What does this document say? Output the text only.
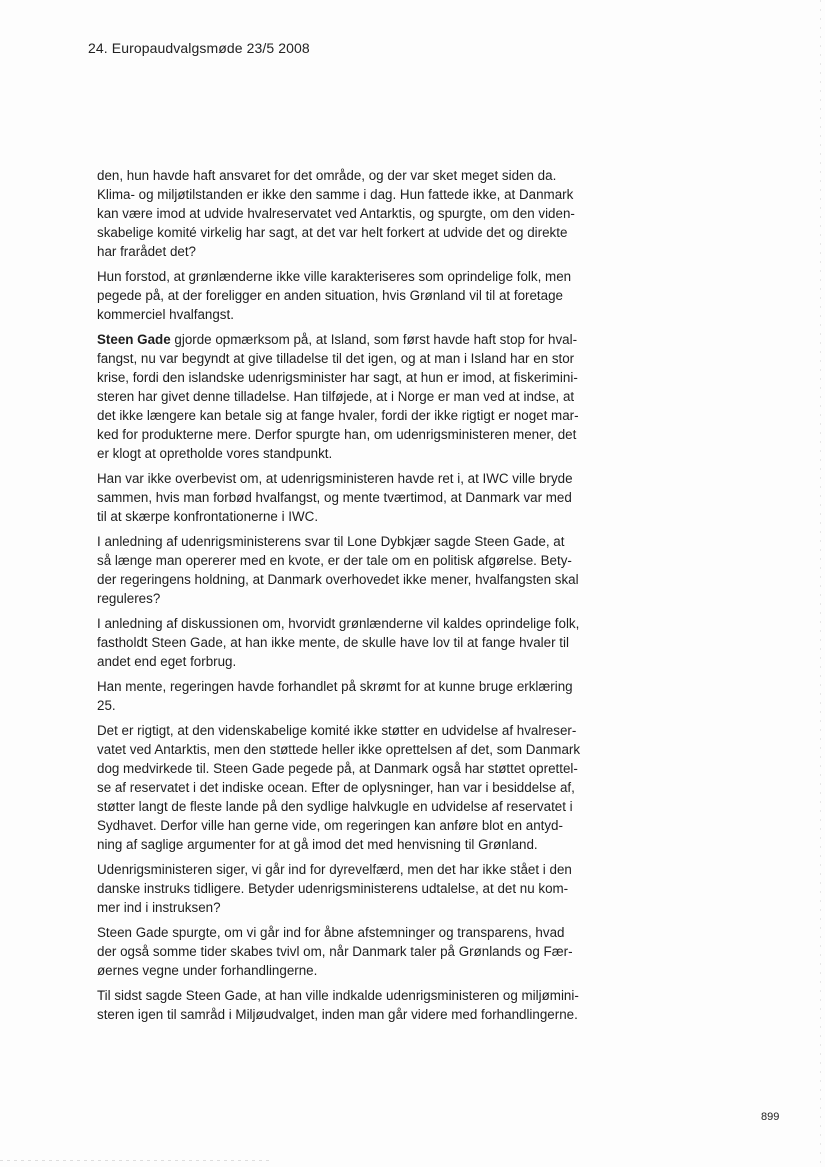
24. Europaudvalgsmøde 23/5 2008

den, hun havde haft ansvaret for det område, og der var sket meget siden da.
Klima- og miljøtilstanden er ikke den samme i dag. Hun fattede ikke, at Danmark
kan være imod at udvide hvalreservatet ved Antarktis, og spurgte, om den viden-
skabelige komité virkelig har sagt, at det var helt forkert at udvide det og direkte
har frarådet det?

Hun forstod, at grønlænderne ikke ville karakteriseres som oprindelige folk, men
pegede på, at der foreligger en anden situation, hvis Grønland vil til at foretage
kommerciel hvalfangst.

Steen Gade gjorde opmærksom på, at Island, som først havde haft stop for hval-
fangst, nu var begyndt at give tilladelse til det igen, og at man i Island har en stor
krise, fordi den islandske udenrigsminister har sagt, at hun er imod, at fiskerimini-
steren har givet denne tilladelse. Han tilføjede, at i Norge er man ved at indse, at
det ikke længere kan betale sig at fange hvaler, fordi der ikke rigtigt er noget mar-
ked for produkterne mere. Derfor spurgte han, om udenrigsministeren mener, det
er klogt at opretholde vores standpunkt.

Han var ikke overbevist om, at udenrigsministeren havde ret i, at IWC ville bryde
sammen, hvis man forbød hvalfangst, og mente tværtimod, at Danmark var med
til at skærpe konfrontationerne i IWC.

I anledning af udenrigsministerens svar til Lone Dybkjær sagde Steen Gade, at
så længe man opererer med en kvote, er der tale om en politisk afgørelse. Bety-
der regeringens holdning, at Danmark overhovedet ikke mener, hvalfangsten skal
reguleres?

I anledning af diskussionen om, hvorvidt grønlænderne vil kaldes oprindelige folk,
fastholdt Steen Gade, at han ikke mente, de skulle have lov til at fange hvaler til
andet end eget forbrug.

Han mente, regeringen havde forhandlet på skrømt for at kunne bruge erklæring
25.

Det er rigtigt, at den videnskabelige komité ikke støtter en udvidelse af hvalreser-
vatet ved Antarktis, men den støttede heller ikke oprettelsen af det, som Danmark
dog medvirkede til. Steen Gade pegede på, at Danmark også har støttet oprettel-
se af reservatet i det indiske ocean. Efter de oplysninger, han var i besiddelse af,
støtter langt de fleste lande på den sydlige halvkugle en udvidelse af reservatet i
Sydhavet. Derfor ville han gerne vide, om regeringen kan anføre blot en antyd-
ning af saglige argumenter for at gå imod det med henvisning til Grønland.

Udenrigsministeren siger, vi går ind for dyrevelfærd, men det har ikke stået i den
danske instruks tidligere. Betyder udenrigsministerens udtalelse, at det nu kom-
mer ind i instruksen?

Steen Gade spurgte, om vi går ind for åbne afstemninger og transparens, hvad
der også somme tider skabes tvivl om, når Danmark taler på Grønlands og Fær-
øernes vegne under forhandlingerne.

Til sidst sagde Steen Gade, at han ville indkalde udenrigsministeren og miljømini-
steren igen til samråd i Miljøudvalget, inden man går videre med forhandlingerne.

899
